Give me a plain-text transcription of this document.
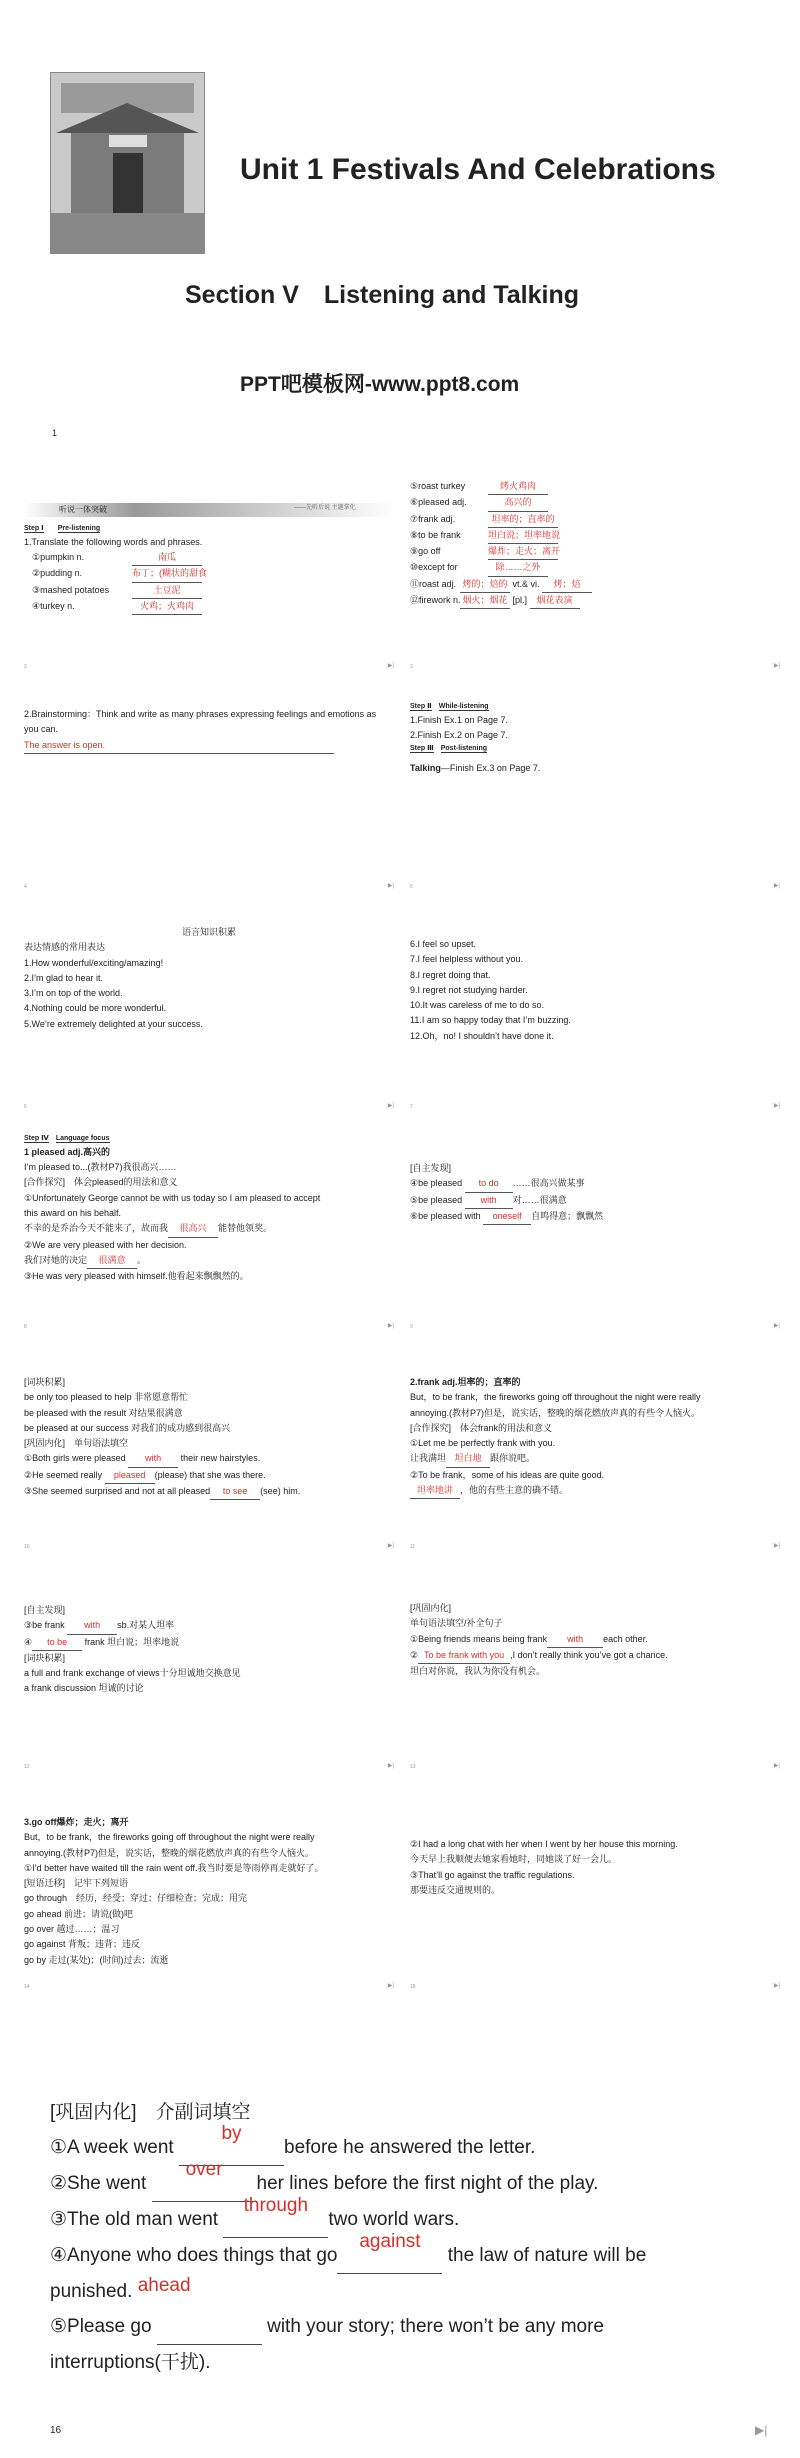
Unit 1 Festivals And Celebrations
Section V　Listening and Talking
PPT吧模板网-www.ppt8.com
1
听说一体突破	——先听后说 主题掌化

Step Ⅰ　　 Pre-listening

1.Translate the following words and phrases.

①pumpkin n.	南瓜

②pudding n.	布丁；(糊状的甜食

③mashed potatoes	土豆泥

④turkey n.	火鸡；火鸡肉

2	▶|

⑤roast turkey	烤火鸡肉

⑥pleased adj.	高兴的

⑦frank adj.	坦率的；直率的

⑧to be frank	坦白说；坦率地说

⑨go off	爆炸；走火；离开

⑩except for	除……之外

⑪roast adj. 烤的；焙的 vt.& vi. 烤；焙

⑫firework n. 烟火；烟花 [pl.] 烟花表演

3	▶|

2.Brainstorming：Think and write as many phrases expressing feelings and emotions as you can.

The answer is open.

4	▶|

Step Ⅱ　 While-listening

1.Finish Ex.1 on Page 7.

2.Finish Ex.2 on Page 7.

Step Ⅲ　 Post-listening

Talking—Finish Ex.3 on Page 7.

5	▶|

语言知识积累

表达情感的常用表达

1.How wonderful/exciting/amazing!

2.I’m glad to hear it.

3.I’m on top of the world.

4.Nothing could be more wonderful.

5.We’re extremely delighted at your success.

6	▶|

6.I feel so upset.

7.I feel helpless without you.

8.I regret doing that.

9.I regret not studying harder.

10.It was careless of me to do so.

11.I am so happy today that I’m buzzing.

12.Oh，no! I shouldn’t have done it.

7	▶|

Step Ⅳ　 Language focus

1 pleased adj.高兴的

I’m pleased to...(教材P7)我很高兴……

[合作探究]　体会pleased的用法和意义

①Unfortunately George cannot be with us today so I am pleased to accept

this award on his behalf.

不幸的是乔治今天不能来了，故而我 很高兴 能替他领奖。

②We are very pleased with her decision.

我们对她的决定 很满意 。

③He was very pleased with himself.他看起来飘飘然的。

8	▶|

[自主发现]

④be pleased to do ……很高兴做某事

⑤be pleased with 对……很满意

⑥be pleased with oneself 自鸣得意；飘飘然

9	▶|

[词块积累]

be only too pleased to help 非常愿意帮忙

be pleased with the result 对结果很满意

be pleased at our success 对我们的成功感到很高兴

[巩固内化]　单句语法填空

①Both girls were pleased with their new hairstyles.

②He seemed really pleased (please) that she was there.

③She seemed surprised and not at all pleased to see (see) him.

10	▶|

2.frank adj.坦率的；直率的

But，to be frank，the fireworks going off throughout the night were really

annoying.(教材P7)但是，说实话，整晚的烟花燃放声真的有些令人恼火。

[合作探究]　体会frank的用法和意义

①Let me be perfectly frank with you.

让我满坦 坦白地 跟你说吧。

②To be frank，some of his ideas are quite good.

坦率地讲 ，他的有些主意的确不错。

11	▶|

[自主发现]

③be frank with sb.对某人坦率

④ to be frank 坦白说；坦率地说

[词块积累]

a full and frank exchange of views十分坦诚地交换意见

a frank discussion 坦诚的讨论

12	▶|

[巩固内化]

单句语法填空/补全句子

①Being friends means being frank with each other.

② To be frank with you ,I don’t really think you’ve got a chance.

坦白对你说，我认为你没有机会。

13	▶|

3.go off爆炸；走火；离开

But，to be frank，the fireworks going off throughout the night were really

annoying.(教材P7)但是，说实话，整晚的烟花燃放声真的有些令人恼火。

①I’d better have waited till the rain went off.我当时要是等雨停再走就好了。

[短语迁移]　记牢下列短语

go through　经历，经受；穿过；仔细检查；完成；用完

go ahead 前进；请说(做)吧

go over 越过……；温习

go against 背叛；违背；违反

go by 走过(某处)；(时间)过去；流逝

14	▶|

②I had a long chat with her when I went by her house this morning.

今天早上我顺便去她家看她时，同她谈了好一会儿。

③That’ll go against the traffic regulations.

那要违反交通规则的。

15	▶|

[巩固内化]　介副词填空

①A week went
by
before he answered the letter.

②She went
over
her lines before the first night of the play.

③The old man went
through
two world wars.

④Anyone who does things that go
against
the law of nature will be

punished. ahead

⑤Please go	with your story; there won’t be any more

interruptions(干扰).

16	▶|
